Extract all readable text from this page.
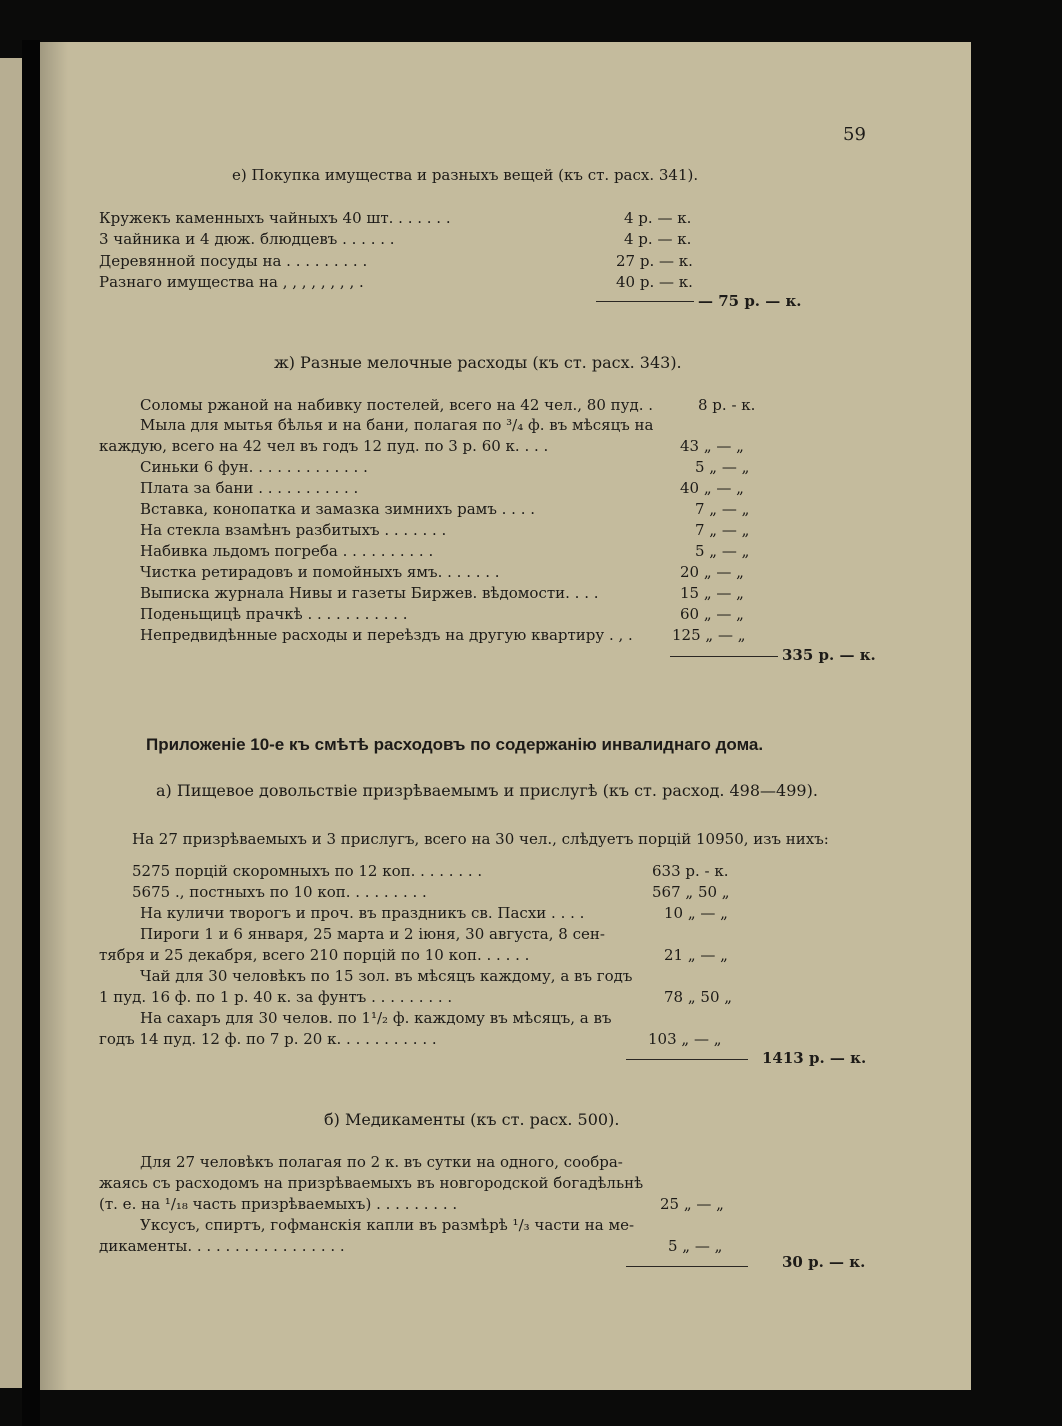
59
е) Покупка имущества и разныхъ вещей (къ ст. расх. 341).
Кружекъ каменныхъ чайныхъ 40 шт. . . . . . .	4 р. — к.
3 чайника и 4 дюж. блюдцевъ . . . . . .	4 р. — к.
Деревянной посуды на . . . . . . . . .	27 р. — к.
Разнаго имущества на , , , , , , , , .	40 р. — к.
— 75 р. — к.
ж) Разные мелочные расходы (къ ст. расх. 343).
Соломы ржаной на набивку постелей, всего на 42 чел., 80 пуд. .	8 р. - к.
Мыла для мытья бѣлья и на бани, полагая по ³/₄ ф. въ мѣсяцъ на
каждую, всего на 42 чел въ годъ 12 пуд. по 3 р. 60 к. . . .	43 „ — „
Синьки 6 фун. . . . . . . . . . . . .	5 „ — „
Плата за бани . . . . . . . . . . .	40 „ — „
Вставка, конопатка и замазка зимнихъ рамъ . . . .	7 „ — „
На стекла взамѣнъ разбитыхъ . . . . . . .	7 „ — „
Набивка льдомъ погреба . . . . . . . . . .	5 „ — „
Чистка ретирадовъ и помойныхъ ямъ. . . . . . .	20 „ — „
Выписка журнала Нивы и газеты Биржев. вѣдомости. . . .	15 „ — „
Поденьщицѣ прачкѣ . . . . . . . . . . .	60 „ — „
Непредвидѣнные расходы и переѣздъ на другую квартиру . , .	125 „ — „
335 р. — к.
Приложеніе 10-е къ смѣтѣ расходовъ по содержанію инвалиднаго дома.
а) Пищевое довольствіе призрѣваемымъ и прислугѣ (къ ст. расход. 498—499).
На 27 призрѣваемыхъ и 3 прислугъ, всего на 30 чел., слѣдуетъ порцій 10950, изъ нихъ:
5275 порцій скоромныхъ по 12 коп. . . . . . . .	633 р. - к.
5675 ., постныхъ по 10 коп. . . . . . . . .	567 „ 50 „
На куличи творогъ и проч. въ праздникъ св. Пасхи . . . .	10 „ — „
Пироги 1 и 6 января, 25 марта и 2 іюня, 30 августа, 8 сен-
тября и 25 декабря, всего 210 порцій по 10 коп. . . . . .	21 „ — „
Чай для 30 человѣкъ по 15 зол. въ мѣсяцъ каждому, а въ годъ
1 пуд. 16 ф. по 1 р. 40 к. за фунтъ . . . . . . . . .	78 „ 50 „
На сахаръ для 30 челов. по 1¹/₂ ф. каждому въ мѣсяцъ, а въ
годъ 14 пуд. 12 ф. по 7 р. 20 к. . . . . . . . . . .	103 „ — „
1413 р. — к.
б) Медикаменты (къ ст. расх. 500).
Для 27 человѣкъ полагая по 2 к. въ сутки на одного, сообра-
жаясь съ расходомъ на призрѣваемыхъ въ новгородской богадѣльнѣ
(т. е. на ¹/₁₈ часть призрѣваемыхъ) . . . . . . . . .	25 „ — „
Уксусъ, спиртъ, гофманскія капли въ размѣрѣ ¹/₃ части на ме-
дикаменты. . . . . . . . . . . . . . . . .	5 „ — „
30 р. — к.
